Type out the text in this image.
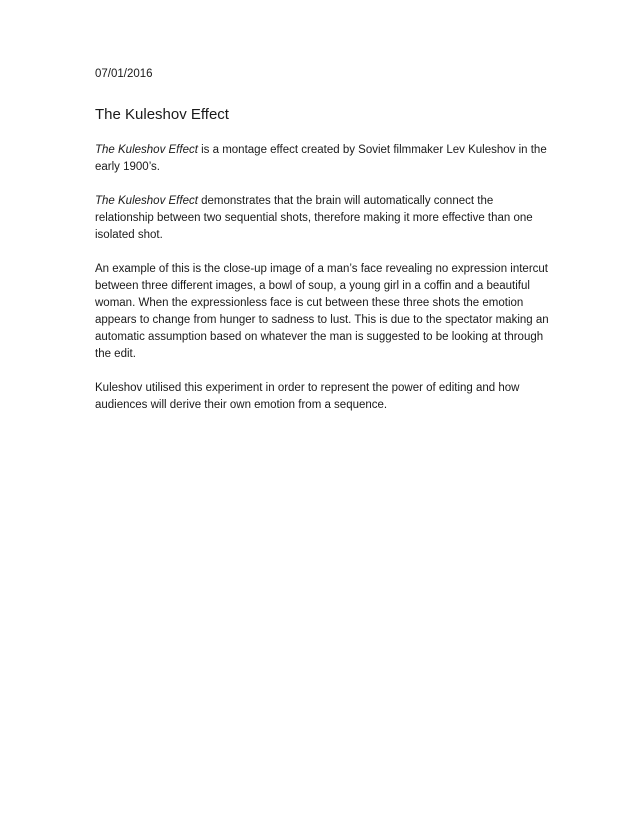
07/01/2016

The Kuleshov Effect

The Kuleshov Effect is a montage effect created by Soviet filmmaker Lev Kuleshov in the early 1900’s.

The Kuleshov Effect demonstrates that the brain will automatically connect the relationship between two sequential shots, therefore making it more effective than one isolated shot.

An example of this is the close-up image of a man’s face revealing no expression intercut between three different images, a bowl of soup, a young girl in a coffin and a beautiful woman. When the expressionless face is cut between these three shots the emotion appears to change from hunger to sadness to lust. This is due to the spectator making an automatic assumption based on whatever the man is suggested to be looking at through the edit.

Kuleshov utilised this experiment in order to represent the power of editing and how audiences will derive their own emotion from a sequence.
